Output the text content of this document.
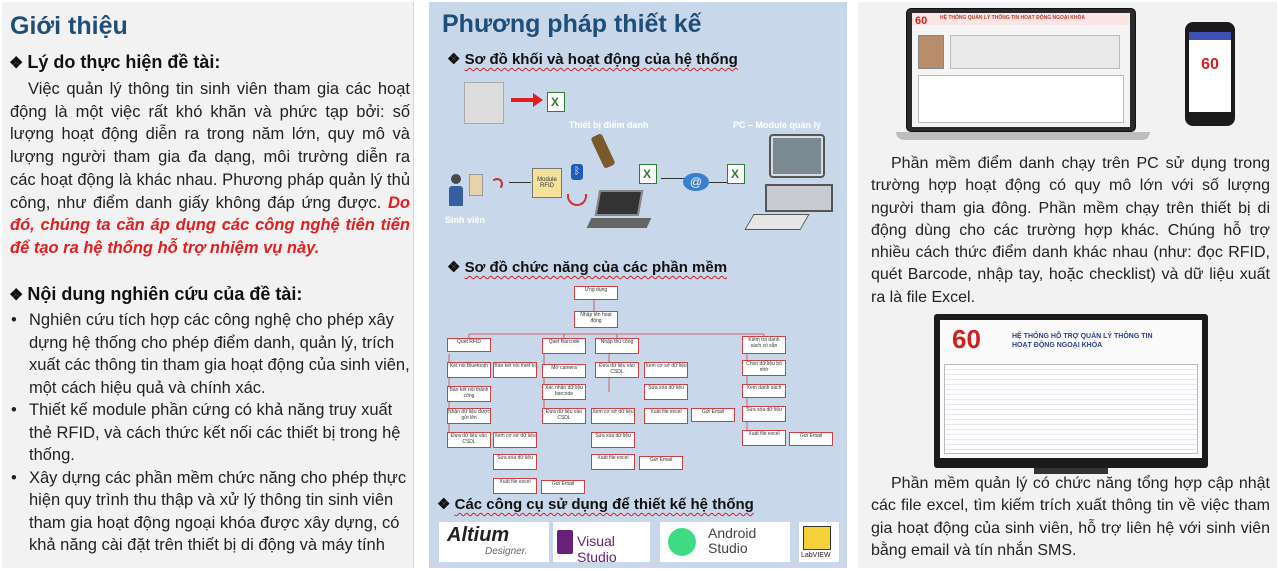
Giới thiệu
❖ Lý do thực hiện đề tài:
Việc quản lý thông tin sinh viên tham gia các hoạt động là một việc rất khó khăn và phức tạp bởi: số lượng hoạt động diễn ra trong năm lớn, quy mô và lượng người tham gia đa dạng, môi trường diễn ra các hoạt động là khác nhau. Phương pháp quản lý thủ công, như điểm danh giấy không đáp ứng được. Do đó, chúng ta cần áp dụng các công nghệ tiên tiến để tạo ra hệ thống hỗ trợ nhiệm vụ này.
❖ Nội dung nghiên cứu của đề tài:
• Nghiên cứu tích hợp các công nghệ cho phép xây dựng hệ thống cho phép điểm danh, quản lý, trích xuất các thông tin tham gia hoạt động của sinh viên, một cách hiệu quả và chính xác.
• Thiết kế module phần cứng có khả năng truy xuất thẻ RFID, và cách thức kết nối các thiết bị trong hệ thống.
• Xây dựng các phần mềm chức năng cho phép thực hiện quy trình thu thập và xử lý thông tin sinh viên tham gia hoạt động ngoại khóa được xây dựng, có khả năng cài đặt trên thiết bị di động và máy tính
Phương pháp thiết kế
❖ Sơ đồ khối và hoạt động của hệ thống
X
Thiết bị điểm danh	PC – Module quản lý
Sinh viên
Module RFID
ᛒ
X
@
X
❖ Sơ đồ chức năng của các phần mềm
Ứng dụng
Nhập tên hoạt động
Quét RFID	Quét Barcode	Nhập thủ công	Kiểm tra danh sách có sẵn
Kết nối Bluetooth	Bản kết nối thiết bị	Mở camera	Đưa dữ liệu vào CSDL
Xem cơ sở dữ liệu	Chọn dữ liệu bổ nhớ
Báo kết nối thành công
Xác nhận dữ liệu barcode
Sửa xóa dữ liệu	Xem danh sách
Nhận dữ liệu được gửi lên
Đưa dữ liệu vào CSDL
Xem cơ sở dữ liệu	Xuất file excel	Gửi Email	Sửa xóa dữ liệu
Đưa dữ liệu vào CSDL
Xem cơ sở dữ liệu	Sửa xóa dữ liệu	Xuất file excel	Gửi Email
Sửa xóa dữ liệu	Xuất file excel	Gửi Email
Xuất file excel	Gửi Email
❖ Các công cụ sử dụng để thiết kế hệ thống
Altium
Designer.
Visual Studio
Android
Studio	LabVIEW
HỆ THỐNG QUẢN LÝ THÔNG TIN HOẠT ĐỘNG NGOẠI KHÓA
60
60
Phần mềm điểm danh chạy trên PC sử dụng trong trường hợp hoạt động có quy mô lớn với số lượng người tham gia đông. Phần mềm chạy trên thiết bị di động dùng cho các trường hợp khác. Chúng hỗ trợ nhiều cách thức điểm danh khác nhau (như: đọc RFID, quét Barcode, nhập tay, hoặc checklist) và dữ liệu xuất ra là file Excel.
60	HỆ THỐNG HỖ TRỢ QUẢN LÝ THÔNG TIN HOẠT ĐỘNG NGOẠI KHÓA
Phần mềm quản lý có chức năng tổng hợp cập nhật các file excel, tìm kiếm trích xuất thông tin về việc tham gia hoạt động của sinh viên, hỗ trợ liên hệ với sinh viên bằng email và tín nhắn SMS.
